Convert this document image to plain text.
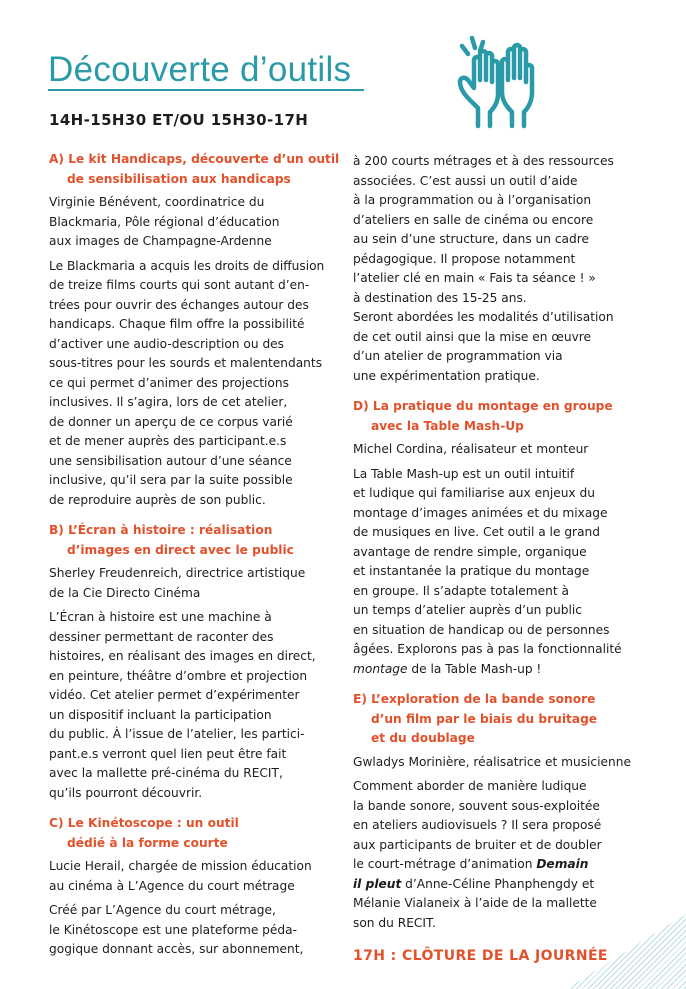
Découverte d’outils
14H-15H30 ET/OU 15H30-17H

A) Le kit Handicaps, découverte d’un outil
de sensibilisation aux handicaps

Virginie Bénévent, coordinatrice du
Blackmaria, Pôle régional d’éducation
aux images de Champagne-Ardenne

Le Blackmaria a acquis les droits de diffusion
de treize films courts qui sont autant d’en-
trées pour ouvrir des échanges autour des
handicaps. Chaque film offre la possibilité
d’activer une audio-description ou des
sous-titres pour les sourds et malentendants
ce qui permet d’animer des projections
inclusives. Il s’agira, lors de cet atelier,
de donner un aperçu de ce corpus varié
et de mener auprès des participant.e.s
une sensibilisation autour d’une séance
inclusive, qu’il sera par la suite possible
de reproduire auprès de son public.

B) L’Écran à histoire : réalisation
d’images en direct avec le public

Sherley Freudenreich, directrice artistique
de la Cie Directo Cinéma

L’Écran à histoire est une machine à
dessiner permettant de raconter des
histoires, en réalisant des images en direct,
en peinture, théâtre d’ombre et projection
vidéo. Cet atelier permet d’expérimenter
un dispositif incluant la participation
du public. À l’issue de l’atelier, les partici-
pant.e.s verront quel lien peut être fait
avec la mallette pré-cinéma du RECIT,
qu’ils pourront découvrir.

C) Le Kinétoscope : un outil
dédié à la forme courte

Lucie Herail, chargée de mission éducation
au cinéma à L’Agence du court métrage

Créé par L’Agence du court métrage,
le Kinétoscope est une plateforme péda-
gogique donnant accès, sur abonnement,

à 200 courts métrages et à des ressources
associées. C’est aussi un outil d’aide
à la programmation ou à l’organisation
d’ateliers en salle de cinéma ou encore
au sein d’une structure, dans un cadre
pédagogique. Il propose notamment
l’atelier clé en main « Fais ta séance ! »
à destination des 15-25 ans.
Seront abordées les modalités d’utilisation
de cet outil ainsi que la mise en œuvre
d’un atelier de programmation via
une expérimentation pratique.

D) La pratique du montage en groupe
avec la Table Mash-Up

Michel Cordina, réalisateur et monteur

La Table Mash-up est un outil intuitif
et ludique qui familiarise aux enjeux du
montage d’images animées et du mixage
de musiques en live. Cet outil a le grand
avantage de rendre simple, organique
et instantanée la pratique du montage
en groupe. Il s’adapte totalement à
un temps d’atelier auprès d’un public
en situation de handicap ou de personnes
âgées. Explorons pas à pas la fonctionnalité
montage de la Table Mash-up !

E) L’exploration de la bande sonore
d’un film par le biais du bruitage
et du doublage

Gwladys Morinière, réalisatrice et musicienne

Comment aborder de manière ludique
la bande sonore, souvent sous-exploitée
en ateliers audiovisuels ? Il sera proposé
aux participants de bruiter et de doubler
le court-métrage d’animation Demain
il pleut d’Anne-Céline Phanphengdy et
Mélanie Vialaneix à l’aide de la mallette
son du RECIT.

17H : CLÔTURE DE LA JOURNÉE
